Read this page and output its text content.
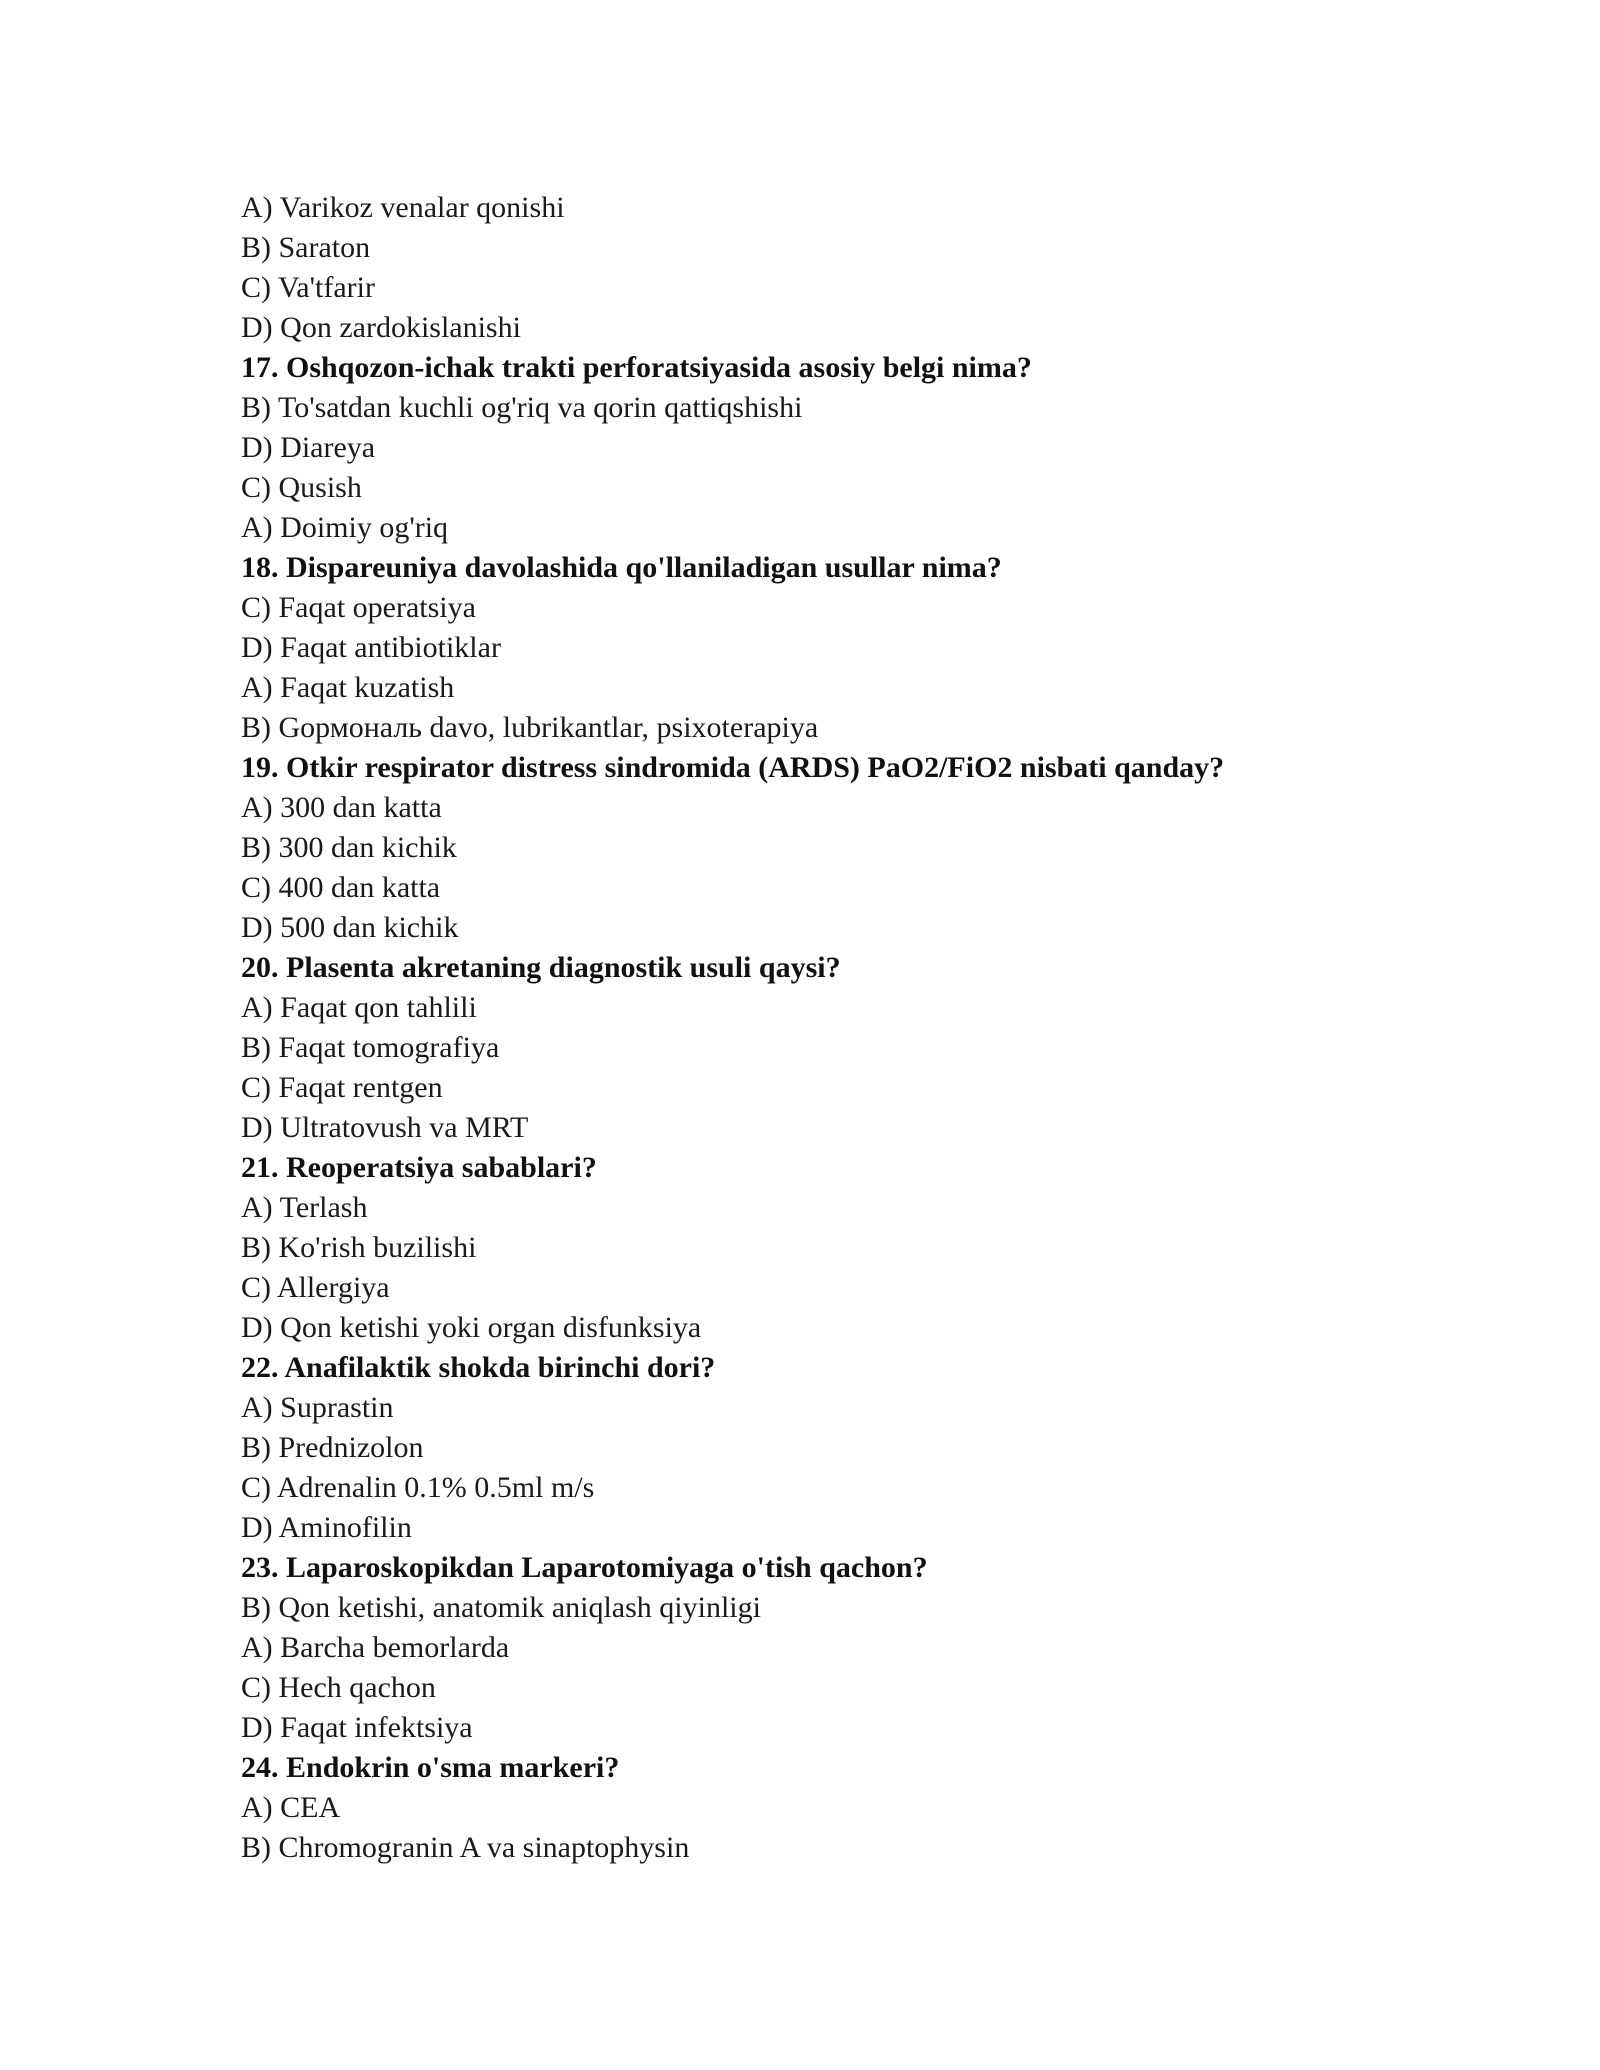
A) Varikoz venalar qonishi
B) Saraton
C) Va'tfarir
D) Qon zardokislanishi
17. Oshqozon-ichak trakti perforatsiyasida asosiy belgi nima?
B) To'satdan kuchli og'riq va qorin qattiqshishi
D) Diareya
C) Qusish
A) Doimiy og'riq
18. Dispareuniya davolashida qo'llaniladigan usullar nima?
C) Faqat operatsiya
D) Faqat antibiotiklar
A) Faqat kuzatish
B) Gормональ davo, lubrikantlar, psixoterapiya
19. Otkir respirator distress sindromida (ARDS) PaO2/FiO2 nisbati qanday?
A) 300 dan katta
B) 300 dan kichik
C) 400 dan katta
D) 500 dan kichik
20. Plasenta akretaning diagnostik usuli qaysi?
A) Faqat qon tahlili
B) Faqat tomografiya
C) Faqat rentgen
D) Ultratovush va MRT
21. Reoperatsiya sabablari?
A) Terlash
B) Ko'rish buzilishi
C) Allergiya
D) Qon ketishi yoki organ disfunksiya
22. Anafilaktik shokda birinchi dori?
A) Suprastin
B) Prednizolon
C) Adrenalin 0.1% 0.5ml m/s
D) Aminofilin
23. Laparoskopikdan Laparotomiyaga o'tish qachon?
B) Qon ketishi, anatomik aniqlash qiyinligi
A) Barcha bemorlarda
C) Hech qachon
D) Faqat infektsiya
24. Endokrin o'sma markeri?
A) CEA
B) Chromogranin A va sinaptophysin
